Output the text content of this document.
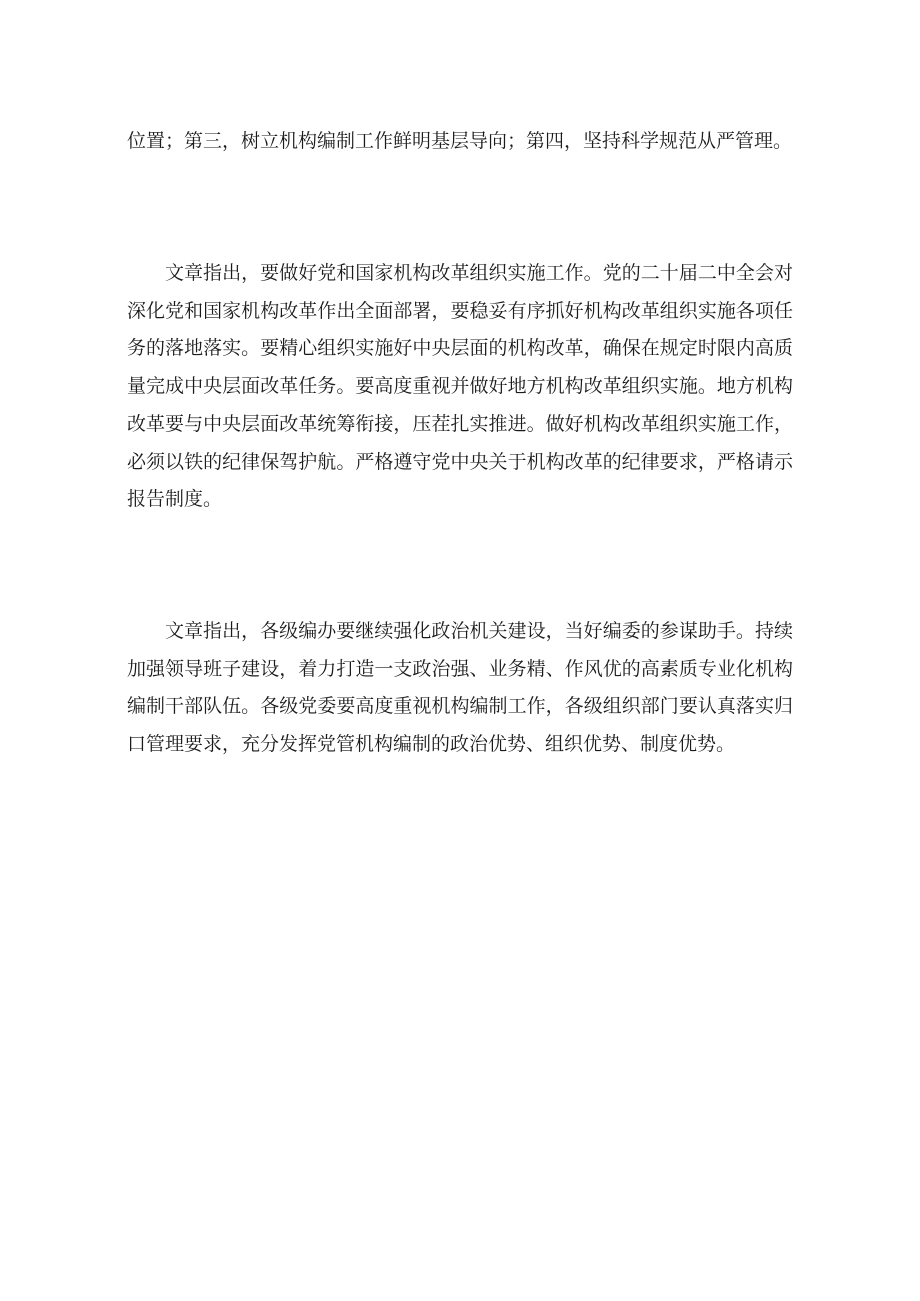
位置；第三，树立机构编制工作鲜明基层导向；第四，坚持科学规范从严管理。

文章指出，要做好党和国家机构改革组织实施工作。党的二十届二中全会对深化党和国家机构改革作出全面部署，要稳妥有序抓好机构改革组织实施各项任务的落地落实。要精心组织实施好中央层面的机构改革，确保在规定时限内高质量完成中央层面改革任务。要高度重视并做好地方机构改革组织实施。地方机构改革要与中央层面改革统筹衔接，压茬扎实推进。做好机构改革组织实施工作，必须以铁的纪律保驾护航。严格遵守党中央关于机构改革的纪律要求，严格请示报告制度。

文章指出，各级编办要继续强化政治机关建设，当好编委的参谋助手。持续加强领导班子建设，着力打造一支政治强、业务精、作风优的高素质专业化机构编制干部队伍。各级党委要高度重视机构编制工作，各级组织部门要认真落实归口管理要求，充分发挥党管机构编制的政治优势、组织优势、制度优势。
